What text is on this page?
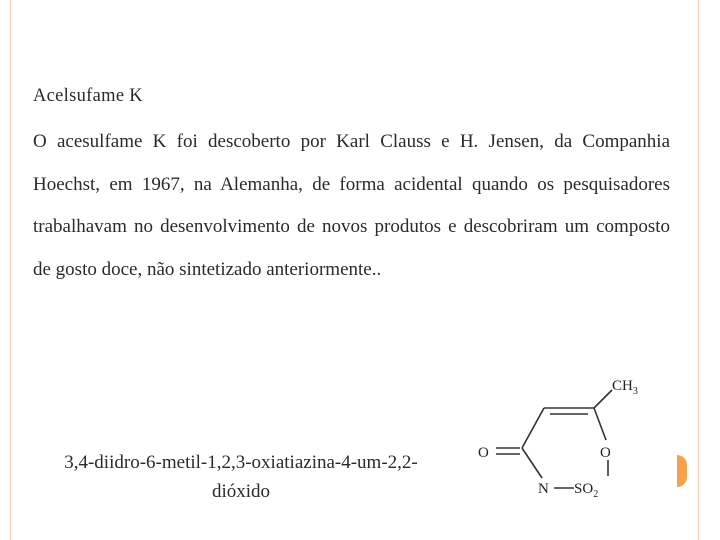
Acelsufame K

O acesulfame K foi descoberto por Karl Clauss e H. Jensen, da Companhia Hoechst, em 1967, na Alemanha, de forma acidental quando os pesquisadores trabalhavam no desenvolvimento de novos produtos e descobriram um composto de gosto doce, não sintetizado anteriormente..

3,4-diidro-6-metil-1,2,3-oxiatiazina-4-um-2,2-dióxido
$CH_3$
O
O
N $SO_2$
